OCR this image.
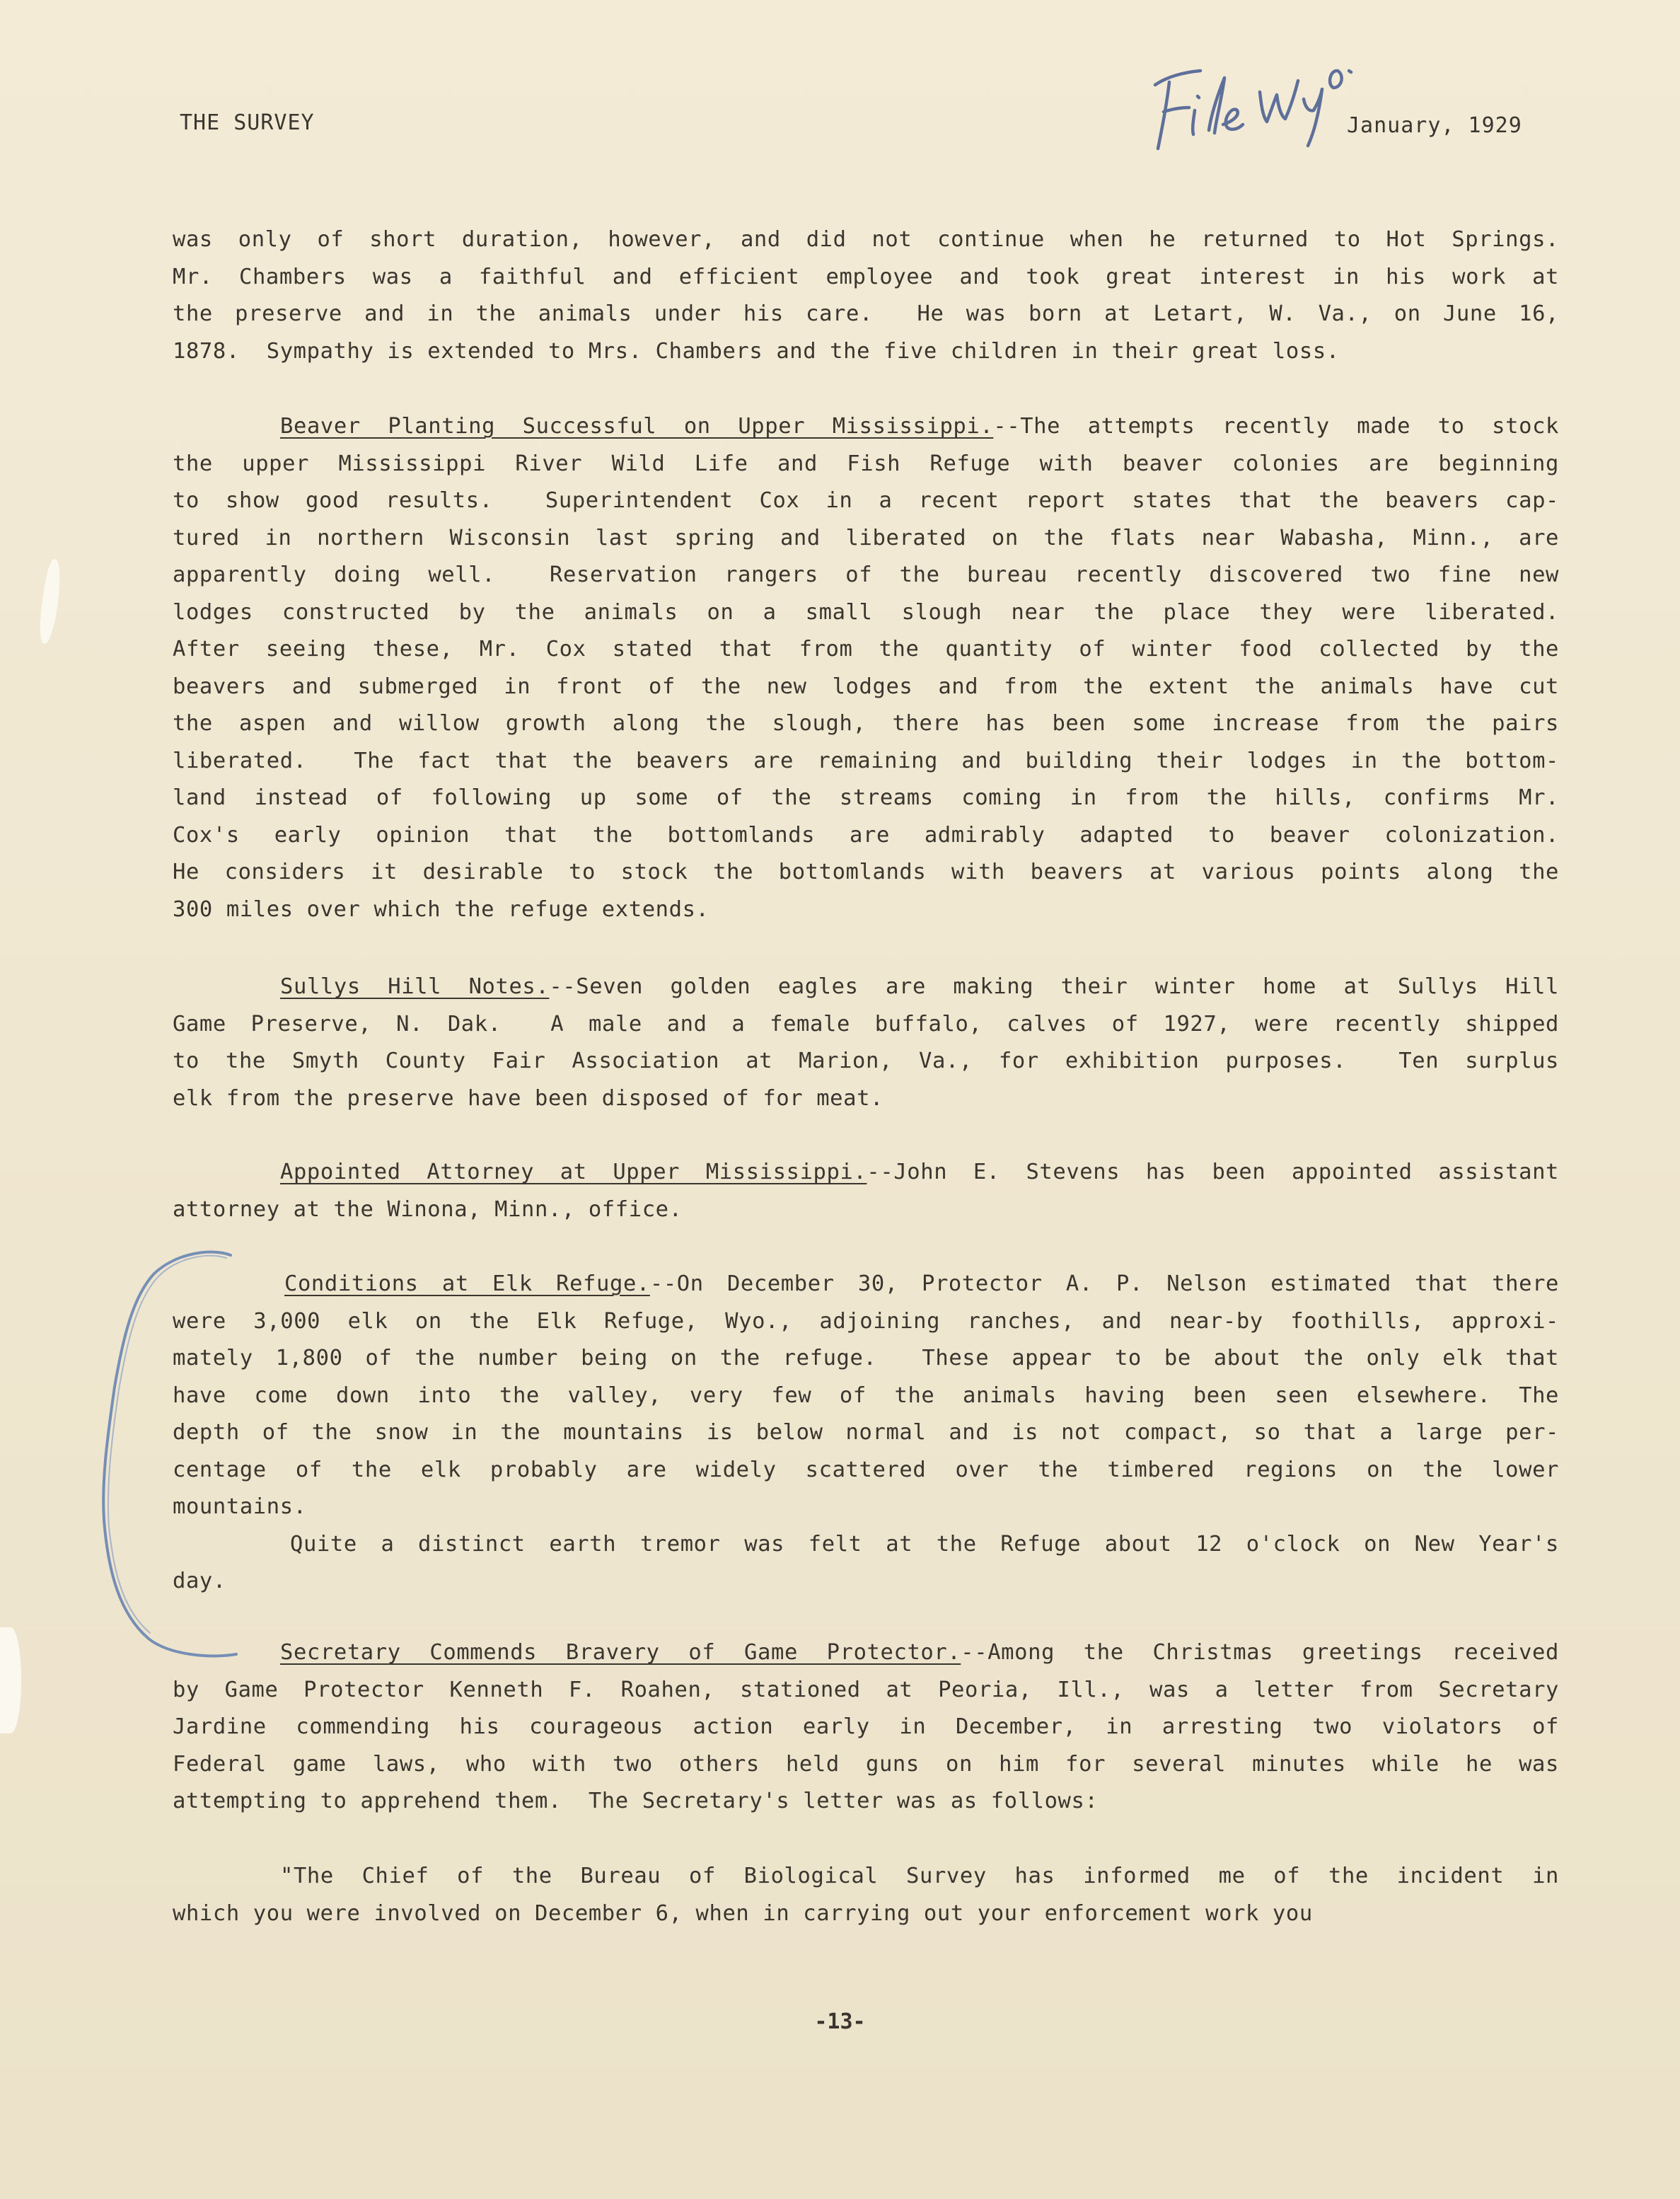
THE SURVEY	January, 1929
was only of short duration, however, and did not continue when he returned to Hot Springs.
Mr. Chambers was a faithful and efficient employee and took great interest in his work at
the preserve and in the animals under his care.  He was born at Letart, W. Va., on June 16,
1878.  Sympathy is extended to Mrs. Chambers and the five children in their great loss.
Beaver Planting Successful on Upper Mississippi.--The attempts recently made to stock
the upper Mississippi River Wild Life and Fish Refuge with beaver colonies are beginning
to show good results.  Superintendent Cox in a recent report states that the beavers cap-
tured in northern Wisconsin last spring and liberated on the flats near Wabasha, Minn., are
apparently doing well.  Reservation rangers of the bureau recently discovered two fine new
lodges constructed by the animals on a small slough near the place they were liberated.
After seeing these, Mr. Cox stated that from the quantity of winter food collected by the
beavers and submerged in front of the new lodges and from the extent the animals have cut
the aspen and willow growth along the slough, there has been some increase from the pairs
liberated.  The fact that the beavers are remaining and building their lodges in the bottom-
land instead of following up some of the streams coming in from the hills, confirms Mr.
Cox's early opinion that the bottomlands are admirably adapted to beaver colonization.
He considers it desirable to stock the bottomlands with beavers at various points along the
300 miles over which the refuge extends.
Sullys Hill Notes.--Seven golden eagles are making their winter home at Sullys Hill
Game Preserve, N. Dak.  A male and a female buffalo, calves of 1927, were recently shipped
to the Smyth County Fair Association at Marion, Va., for exhibition purposes.  Ten surplus
elk from the preserve have been disposed of for meat.
Appointed Attorney at Upper Mississippi.--John E. Stevens has been appointed assistant
attorney at the Winona, Minn., office.
Conditions at Elk Refuge.--On December 30, Protector A. P. Nelson estimated that there
were 3,000 elk on the Elk Refuge, Wyo., adjoining ranches, and near-by foothills, approxi-
mately 1,800 of the number being on the refuge.  These appear to be about the only elk that
have come down into the valley, very few of the animals having been seen elsewhere. The
depth of the snow in the mountains is below normal and is not compact, so that a large per-
centage of the elk probably are widely scattered over the timbered regions on the lower
mountains.
Quite a distinct earth tremor was felt at the Refuge about 12 o'clock on New Year's
day.
Secretary Commends Bravery of Game Protector.--Among the Christmas greetings received
by Game Protector Kenneth F. Roahen, stationed at Peoria, Ill., was a letter from Secretary
Jardine commending his courageous action early in December, in arresting two violators of
Federal game laws, who with two others held guns on him for several minutes while he was
attempting to apprehend them.  The Secretary's letter was as follows:
"The Chief of the Bureau of Biological Survey has informed me of the incident in
which you were involved on December 6, when in carrying out your enforcement work you
-13-
